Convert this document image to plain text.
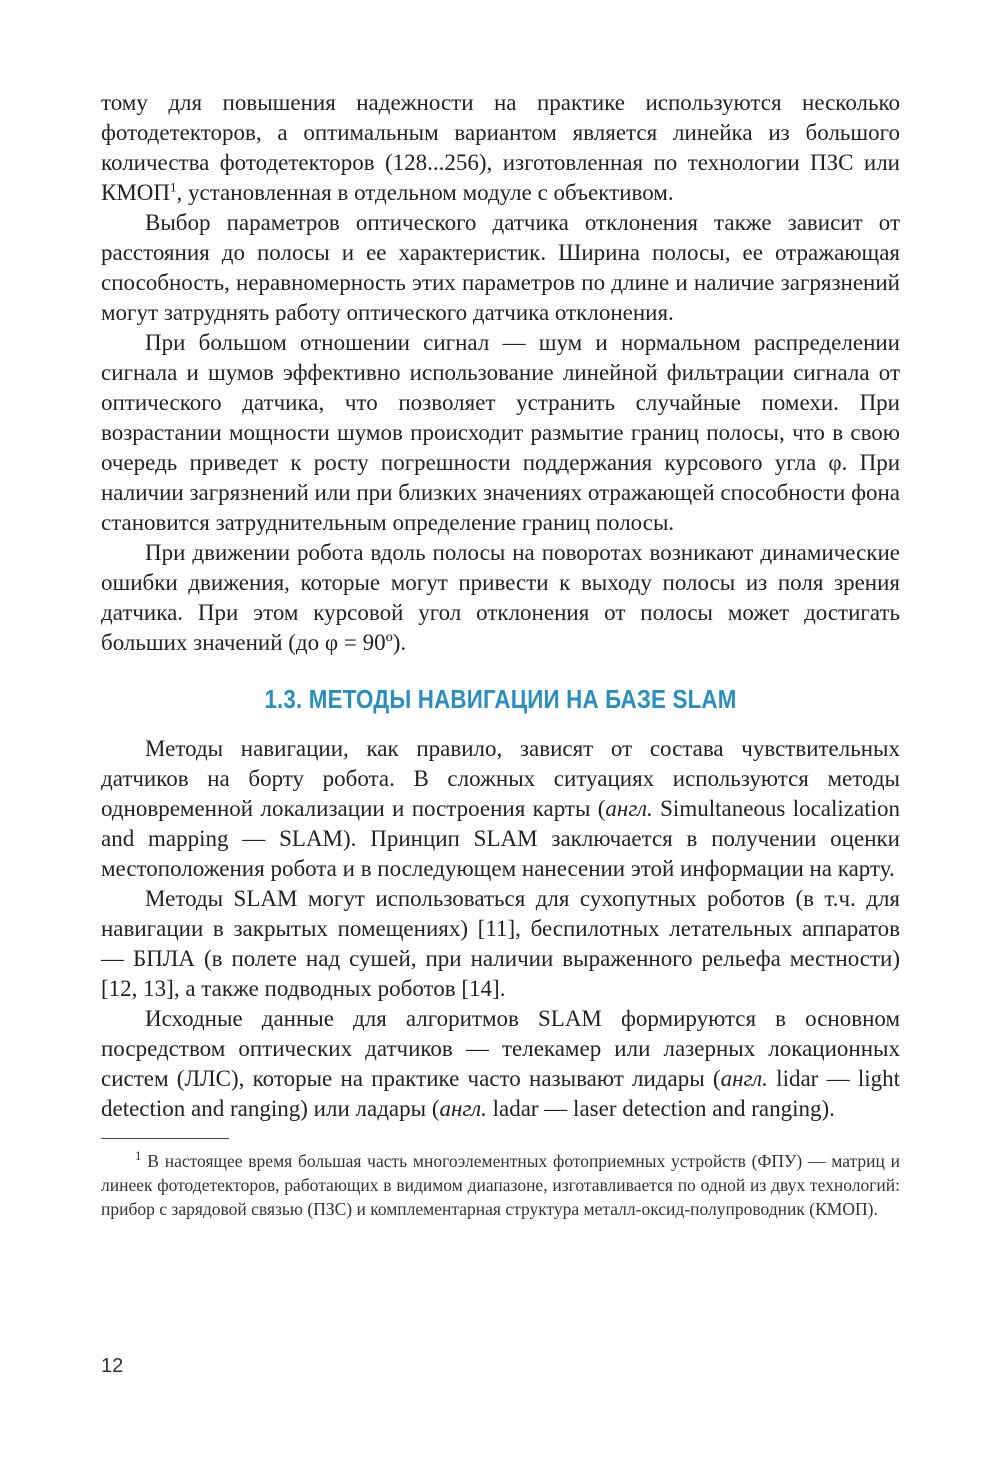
тому для повышения надежности на практике используются несколько фотодетекторов, а оптимальным вариантом является линейка из большого количества фотодетекторов (128...256), изготовленная по технологии ПЗС или КМОП$^1$, установленная в отдельном модуле с объективом.

Выбор параметров оптического датчика отклонения также зависит от расстояния до полосы и ее характеристик. Ширина полосы, ее отражающая способность, неравномерность этих параметров по длине и наличие загрязнений могут затруднять работу оптического датчика отклонения.

При большом отношении сигнал — шум и нормальном распределении сигнала и шумов эффективно использование линейной фильтрации сигнала от оптического датчика, что позволяет устранить случайные помехи. При возрастании мощности шумов происходит размытие границ полосы, что в свою очередь приведет к росту погрешности поддержания курсового угла φ. При наличии загрязнений или при близких значениях отражающей способности фона становится затруднительным определение границ полосы.

При движении робота вдоль полосы на поворотах возникают динамические ошибки движения, которые могут привести к выходу полосы из поля зрения датчика. При этом курсовой угол отклонения от полосы может достигать больших значений (до φ = 90º).

1.3. МЕТОДЫ НАВИГАЦИИ НА БАЗЕ SLAM

Методы навигации, как правило, зависят от состава чувствительных датчиков на борту робота. В сложных ситуациях используются методы одновременной локализации и построения карты (англ. Simultaneous localization and mapping — SLAM). Принцип SLAM заключается в получении оценки местоположения робота и в последующем нанесении этой информации на карту.

Методы SLAM могут использоваться для сухопутных роботов (в т.ч. для навигации в закрытых помещениях) [11], беспилотных летательных аппаратов — БПЛА (в полете над сушей, при наличии выраженного рельефа местности) [12, 13], а также подводных роботов [14].

Исходные данные для алгоритмов SLAM формируются в основном посредством оптических датчиков — телекамер или лазерных локационных систем (ЛЛС), которые на практике часто называют лидары (англ. lidar — light detection and ranging) или ладары (англ. ladar — laser detection and ranging).

$^1$ В настоящее время большая часть многоэлементных фотоприемных устройств (ФПУ) — матриц и линеек фотодетекторов, работающих в видимом диапазоне, изготавливается по одной из двух технологий: прибор с зарядовой связью (ПЗС) и комплементарная структура металл-оксид-полупроводник (КМОП).

12
